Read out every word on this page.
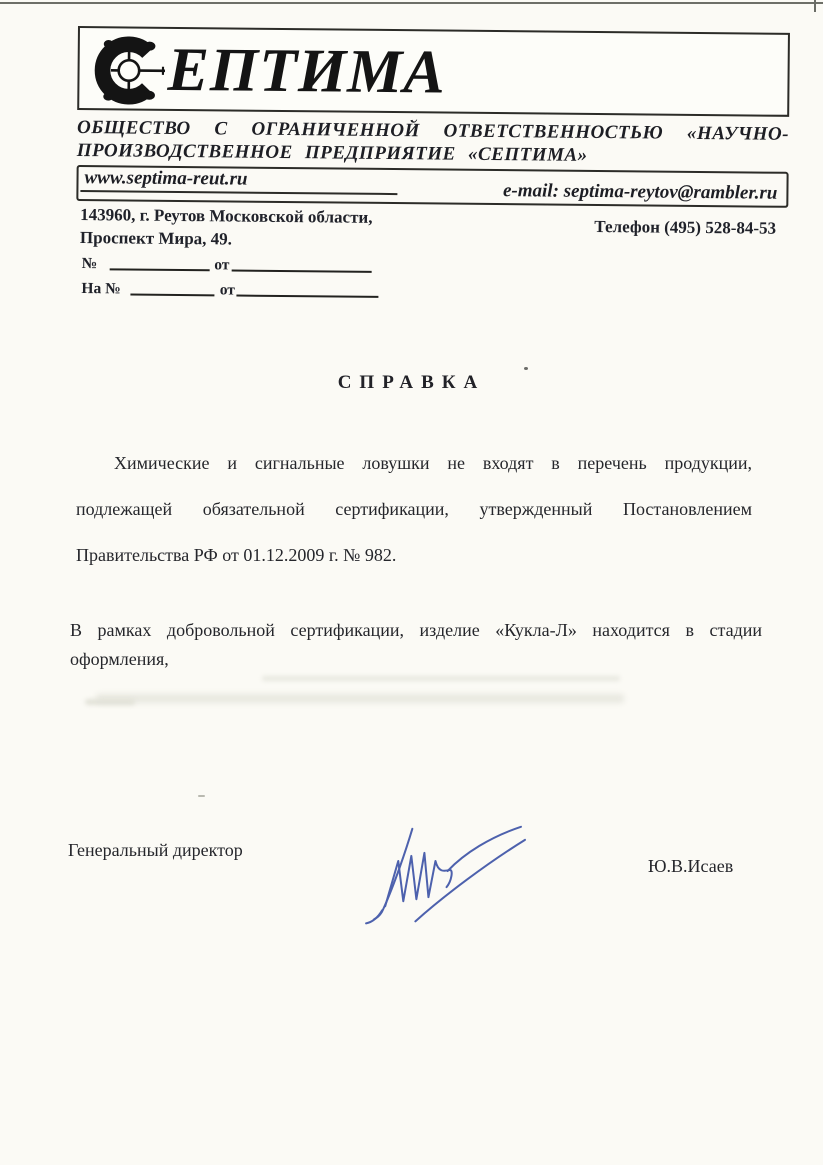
ЕПТИМА
ОБЩЕСТВО С ОГРАНИЧЕННОЙ ОТВЕТСТВЕННОСТЬЮ «НАУЧНО-
ПРОИЗВОДСТВЕННОЕ ПРЕДПРИЯТИЕ «СЕПТИМА»
www.septima-reut.ru
e-mail: septima-reytov@rambler.ru
143960, г. Реутов Московской области,
Проспект Мира, 49.
Телефон (495) 528-84-53
№	от
На №	от
СПРАВКА
Химические и сигнальные ловушки не входят в перечень продукции,
подлежащей обязательной сертификации, утвержденный Постановлением
Правительства РФ от 01.12.2009 г. № 982.
В рамках добровольной сертификации, изделие «Кукла-Л» находится в стадии
оформления,
Генеральный директор
Ю.В.Исаев
